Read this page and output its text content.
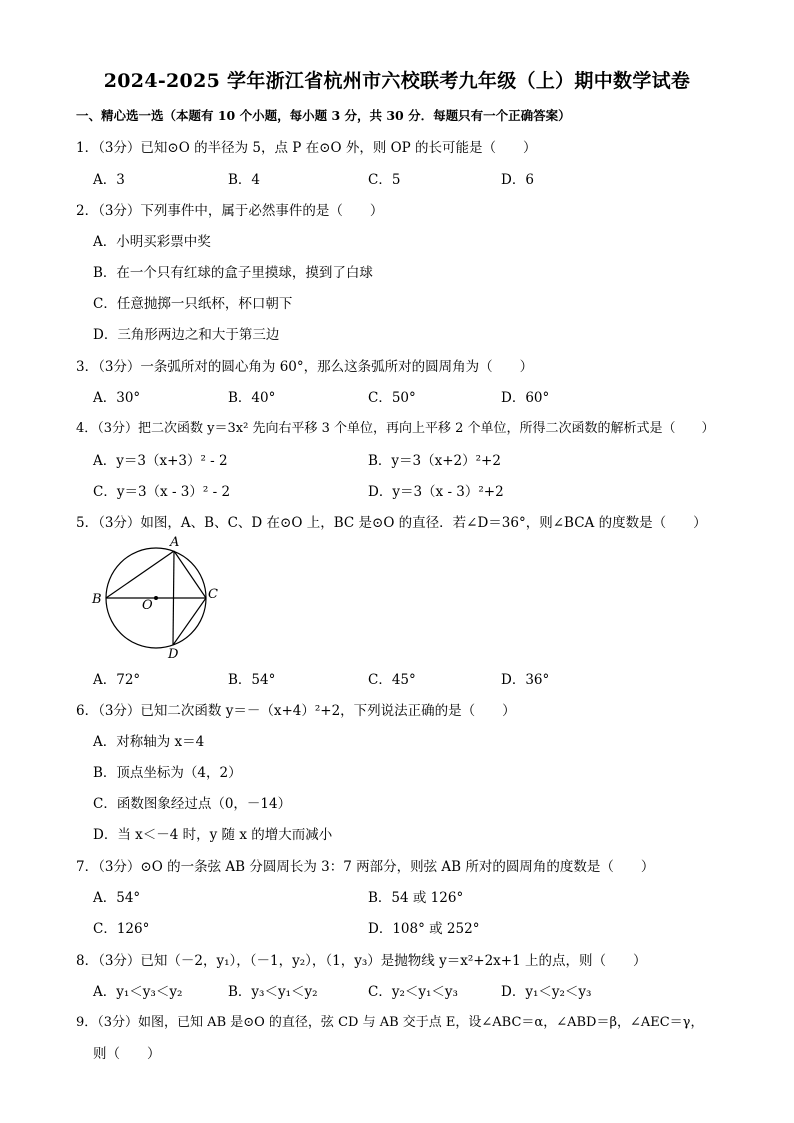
2024-2025 学年浙江省杭州市六校联考九年级（上）期中数学试卷
一、精心选一选（本题有 10 个小题，每小题 3 分，共 30 分．每题只有一个正确答案）
1．（3分）已知⊙O 的半径为 5，点 P 在⊙O 外，则 OP 的长可能是（　　）
A．3	B．4	C．5	D．6
2．（3分）下列事件中，属于必然事件的是（　　）
A．小明买彩票中奖
B．在一个只有红球的盒子里摸球，摸到了白球
C．任意抛掷一只纸杯，杯口朝下
D．三角形两边之和大于第三边
3．（3分）一条弧所对的圆心角为 60°，那么这条弧所对的圆周角为（　　）
A．30°	B．40°	C．50°	D．60°
4．（3分）把二次函数 y＝3x² 先向右平移 3 个单位，再向上平移 2 个单位，所得二次函数的解析式是（　　）
A．y＝3（x+3）² - 2	B．y＝3（x+2）²+2
C．y＝3（x - 3）² - 2	D．y＝3（x - 3）²+2
5．（3分）如图，A、B、C、D 在⊙O 上，BC 是⊙O 的直径．若∠D＝36°，则∠BCA 的度数是（　　）
A
B	C
D
O
A．72°	B．54°	C．45°	D．36°
6．（3分）已知二次函数 y＝－（x+4）²+2，下列说法正确的是（　　）
A．对称轴为 x＝4
B．顶点坐标为（4，2）
C．函数图象经过点（0，－14）
D．当 x＜－4 时，y 随 x 的增大而减小
7．（3分）⊙O 的一条弦 AB 分圆周长为 3：7 两部分，则弦 AB 所对的圆周角的度数是（　　）
A．54°	B．54 或 126°
C．126°	D．108° 或 252°
8．（3分）已知（－2，y₁），（－1，y₂），（1，y₃）是抛物线 y＝x²+2x+1 上的点，则（　　）
A．y₁＜y₃＜y₂	B．y₃＜y₁＜y₂	C．y₂＜y₁＜y₃	D．y₁＜y₂＜y₃
9．（3分）如图，已知 AB 是⊙O 的直径，弦 CD 与 AB 交于点 E，设∠ABC＝α，∠ABD＝β，∠AEC＝γ，
则（　　）
